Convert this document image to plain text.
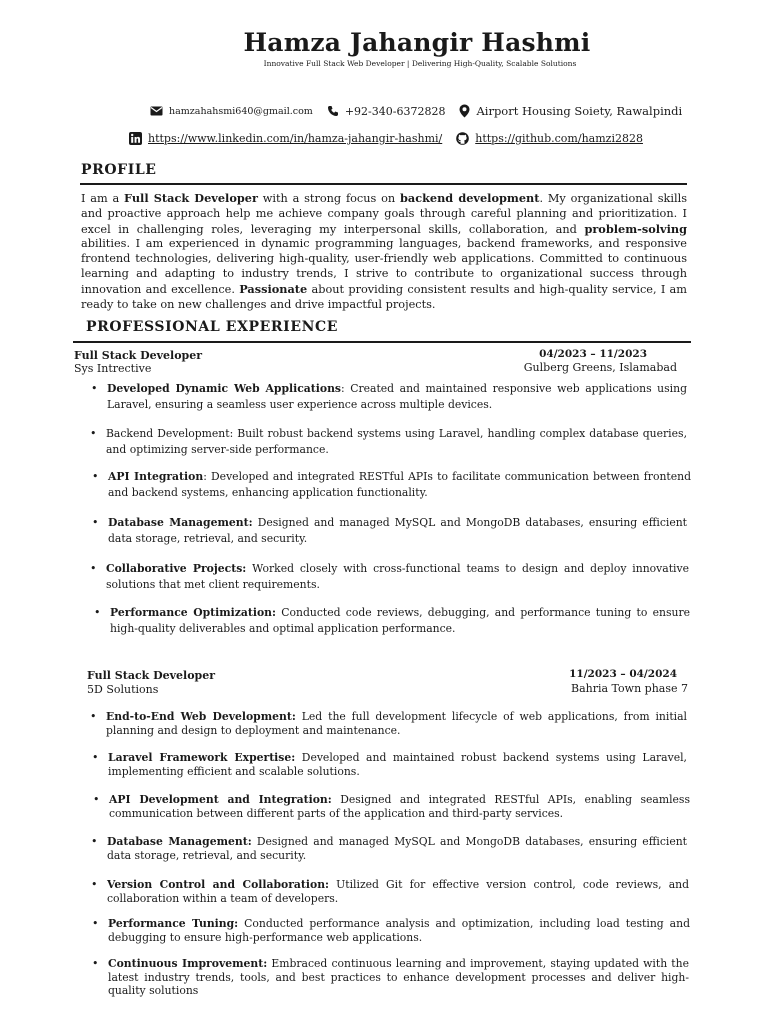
Hamza Jahangir Hashmi
Innovative Full Stack Web Developer | Delivering High-Quality, Scalable Solutions
hamzahahsmi640@gmail.com	+92-340-6372828	Airport Housing Soiety, Rawalpindi
https://www.linkedin.com/in/hamza-jahangir-hashmi/	https://github.com/hamzi2828
PROFILE
I am a Full Stack Developer with a strong focus on backend development. My organizational skills and proactive approach help me achieve company goals through careful planning and prioritization. I excel in challenging roles, leveraging my interpersonal skills, collaboration, and problem-solving abilities. I am experienced in dynamic programming languages, backend frameworks, and responsive frontend technologies, delivering high-quality, user-friendly web applications. Committed to continuous learning and adapting to industry trends, I strive to contribute to organizational success through innovation and excellence. Passionate about providing consistent results and high-quality service, I am ready to take on new challenges and drive impactful projects.
PROFESSIONAL EXPERIENCE
Full Stack Developer
Sys Intrective
04/2023 – 11/2023
Gulberg Greens, Islamabad
• Developed Dynamic Web Applications: Created and maintained responsive web applications using Laravel, ensuring a seamless user experience across multiple devices.
• Backend Development: Built robust backend systems using Laravel, handling complex database queries, and optimizing server-side performance.
• API Integration: Developed and integrated RESTful APIs to facilitate communication between frontend and backend systems, enhancing application functionality.
• Database Management: Designed and managed MySQL and MongoDB databases, ensuring efficient data storage, retrieval, and security.
• Collaborative Projects: Worked closely with cross-functional teams to design and deploy innovative solutions that met client requirements.
• Performance Optimization: Conducted code reviews, debugging, and performance tuning to ensure high-quality deliverables and optimal application performance.
Full Stack Developer
5D Solutions
11/2023 – 04/2024
Bahria Town phase 7
• End-to-End Web Development: Led the full development lifecycle of web applications, from initial planning and design to deployment and maintenance.
• Laravel Framework Expertise: Developed and maintained robust backend systems using Laravel, implementing efficient and scalable solutions.
• API Development and Integration: Designed and integrated RESTful APIs, enabling seamless communication between different parts of the application and third-party services.
• Database Management: Designed and managed MySQL and MongoDB databases, ensuring efficient data storage, retrieval, and security.
• Version Control and Collaboration: Utilized Git for effective version control, code reviews, and collaboration within a team of developers.
• Performance Tuning: Conducted performance analysis and optimization, including load testing and debugging to ensure high-performance web applications.
• Continuous Improvement: Embraced continuous learning and improvement, staying updated with the latest industry trends, tools, and best practices to enhance development processes and deliver high-quality solutions
